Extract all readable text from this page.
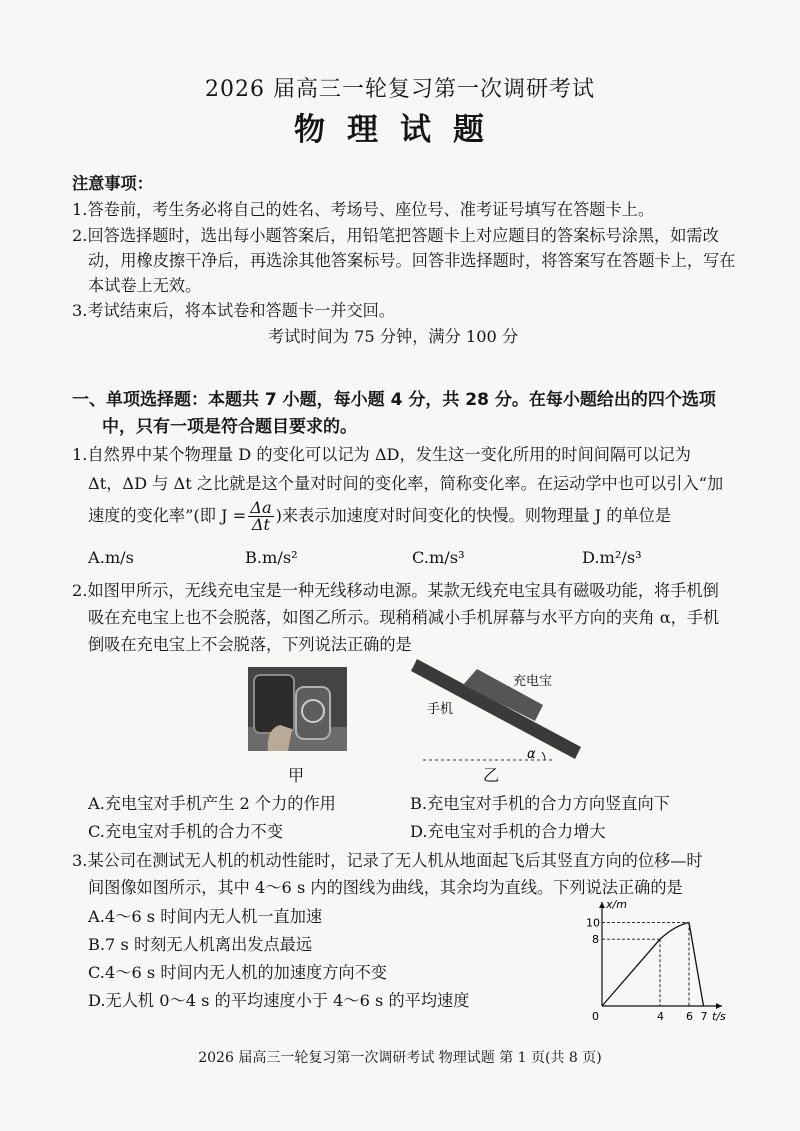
2026 届高三一轮复习第一次调研考试
物理试题
注意事项：
1.答卷前，考生务必将自己的姓名、考场号、座位号、准考证号填写在答题卡上。
2.回答选择题时，选出每小题答案后，用铅笔把答题卡上对应题目的答案标号涂黑，如需改
动，用橡皮擦干净后，再选涂其他答案标号。回答非选择题时，将答案写在答题卡上，写在
本试卷上无效。
3.考试结束后，将本试卷和答题卡一并交回。
考试时间为 75 分钟，满分 100 分
一、单项选择题：本题共 7 小题，每小题 4 分，共 28 分。在每小题给出的四个选项
中，只有一项是符合题目要求的。
1.自然界中某个物理量 D 的变化可以记为 ΔD，发生这一变化所用的时间间隔可以记为
Δt，ΔD 与 Δt 之比就是这个量对时间的变化率，简称变化率。在运动学中也可以引入“加
速度的变化率”(即 $J = \frac{\Delta a}{\Delta t}$ )来表示加速度对时间变化的快慢。则物理量 J 的单位是
A.m/s	B.m/s²	C.m/s³	D.m²/s³
2.如图甲所示，无线充电宝是一种无线移动电源。某款无线充电宝具有磁吸功能，将手机倒
吸在充电宝上也不会脱落，如图乙所示。现稍稍减小手机屏幕与水平方向的夹角 α，手机
倒吸在充电宝上不会脱落，下列说法正确的是
甲
α
充电宝
手机
乙
A.充电宝对手机产生 2 个力的作用	B.充电宝对手机的合力方向竖直向下
C.充电宝对手机的合力不变	D.充电宝对手机的合力增大
3.某公司在测试无人机的机动性能时，记录了无人机从地面起飞后其竖直方向的位移—时
间图像如图所示，其中 4～6 s 内的图线为曲线，其余均为直线。下列说法正确的是
A.4～6 s 时间内无人机一直加速
B.7 s 时刻无人机离出发点最远
C.4～6 s 时间内无人机的加速度方向不变
D.无人机 0～4 s 的平均速度小于 4～6 s 的平均速度
x/m
t/s
0	4 6 7
8
10
2026 届高三一轮复习第一次调研考试 物理试题 第 1 页(共 8 页)
